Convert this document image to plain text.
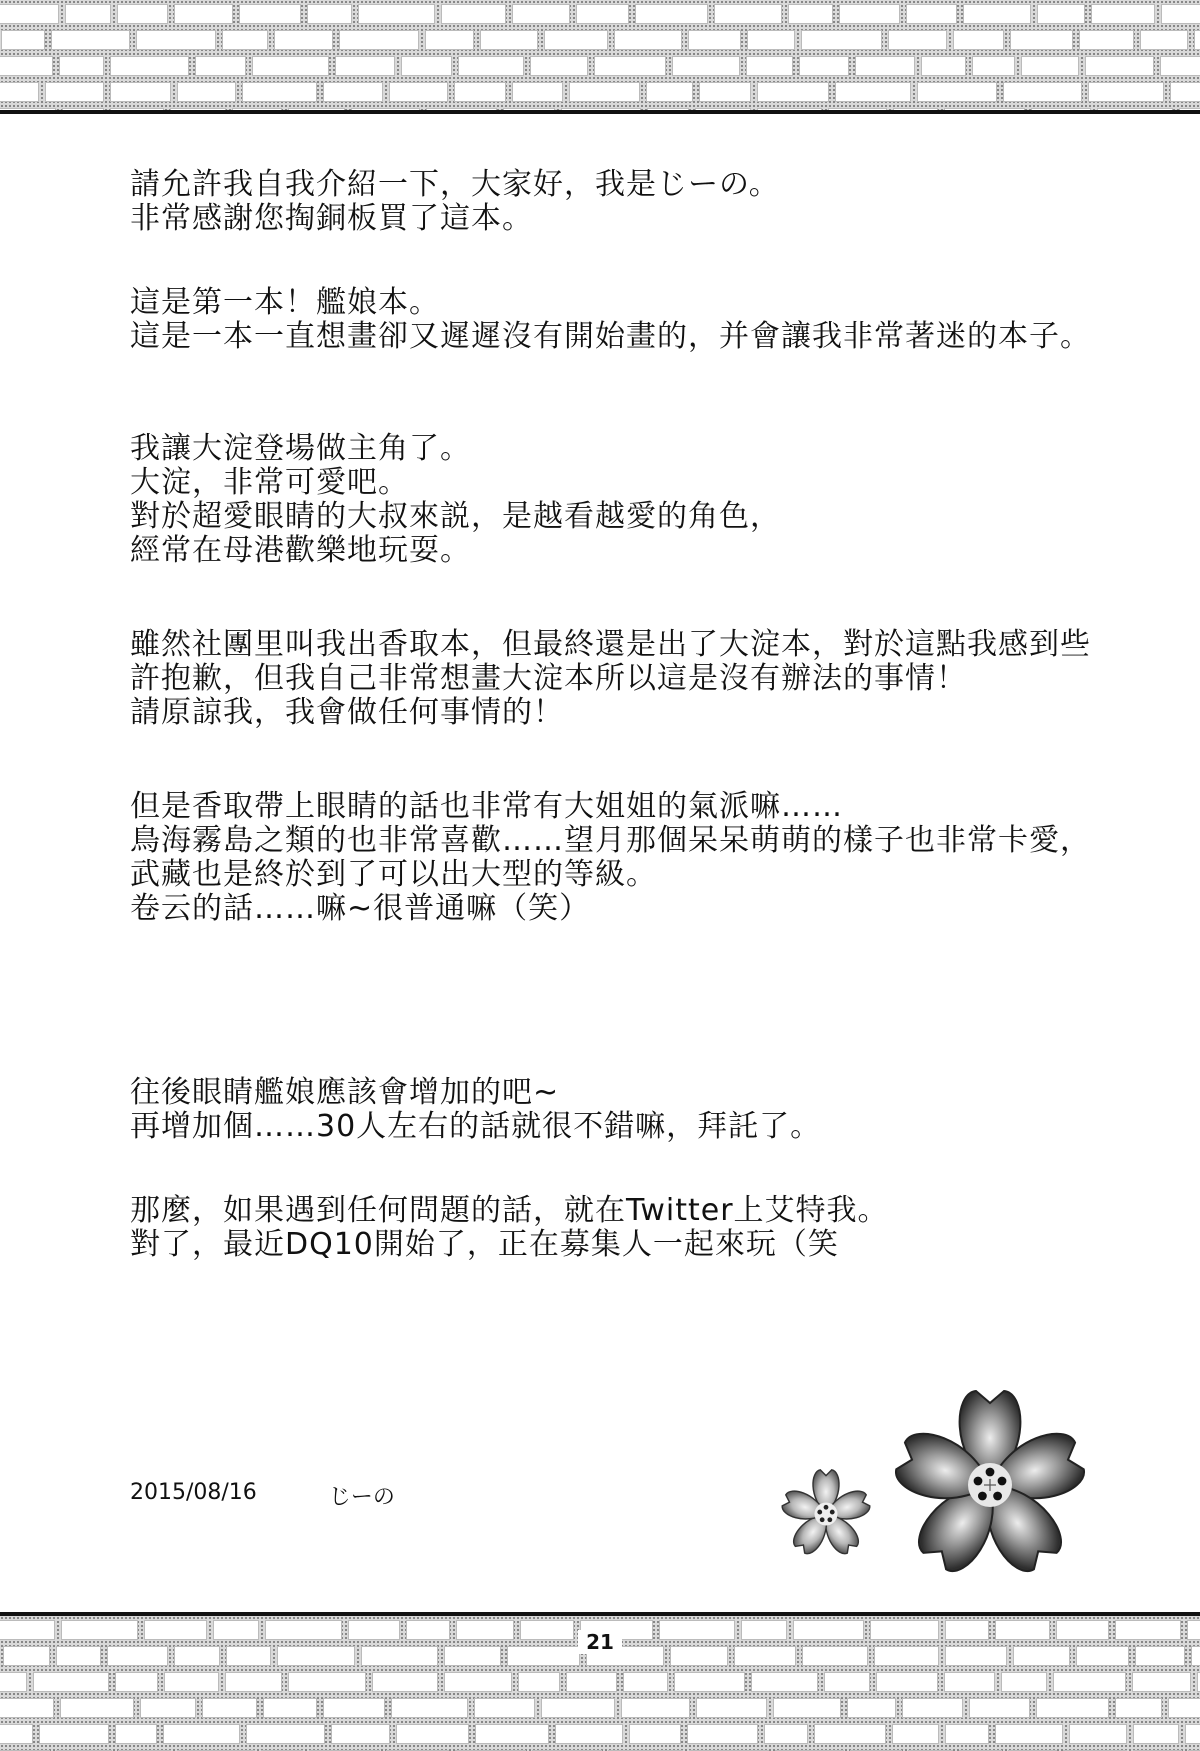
請允許我自我介紹一下，大家好，我是じーの。
非常感謝您掏銅板買了這本。

這是第一本！艦娘本。
這是一本一直想畫卻又遲遲沒有開始畫的，并會讓我非常著迷的本子。

我讓大淀登場做主角了。
大淀，非常可愛吧。
對於超愛眼睛的大叔來説，是越看越愛的角色，
經常在母港歡樂地玩耍。

雖然社團里叫我出香取本，但最終還是出了大淀本，對於這點我感到些
許抱歉，但我自己非常想畫大淀本所以這是沒有辦法的事情！
請原諒我，我會做任何事情的！

但是香取帶上眼睛的話也非常有大姐姐的氣派嘛……
鳥海霧島之類的也非常喜歡……望月那個呆呆萌萌的樣子也非常卡愛，
武藏也是終於到了可以出大型的等級。
卷云的話……嘛~很普通嘛（笑）

往後眼睛艦娘應該會增加的吧~
再增加個……30人左右的話就很不錯嘛，拜託了。

那麼，如果遇到任何問題的話，就在Twitter上艾特我。
對了，最近DQ10開始了，正在募集人一起來玩（笑

2015/08/16	じーの
21
